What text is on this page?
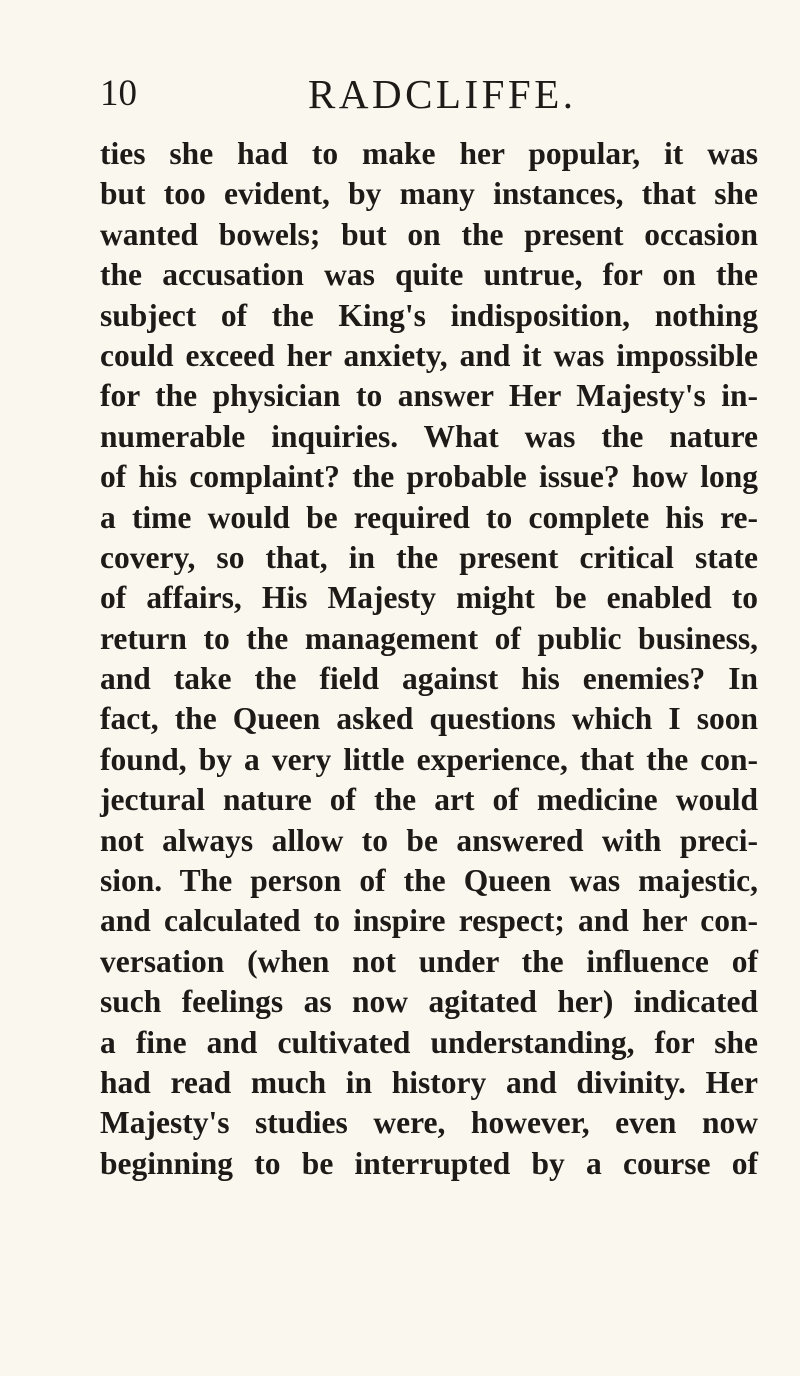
10	RADCLIFFE.
ties she had to make her popular, it was
but too evident, by many instances, that she
wanted bowels; but on the present occasion
the accusation was quite untrue, for on the
subject of the King's indisposition, nothing
could exceed her anxiety, and it was impossible
for the physician to answer Her Majesty's in-
numerable inquiries. What was the nature
of his complaint? the probable issue? how long
a time would be required to complete his re-
covery, so that, in the present critical state
of affairs, His Majesty might be enabled to
return to the management of public business,
and take the field against his enemies? In
fact, the Queen asked questions which I soon
found, by a very little experience, that the con-
jectural nature of the art of medicine would
not always allow to be answered with preci-
sion. The person of the Queen was majestic,
and calculated to inspire respect; and her con-
versation (when not under the influence of
such feelings as now agitated her) indicated
a fine and cultivated understanding, for she
had read much in history and divinity. Her
Majesty's studies were, however, even now
beginning to be interrupted by a course of
